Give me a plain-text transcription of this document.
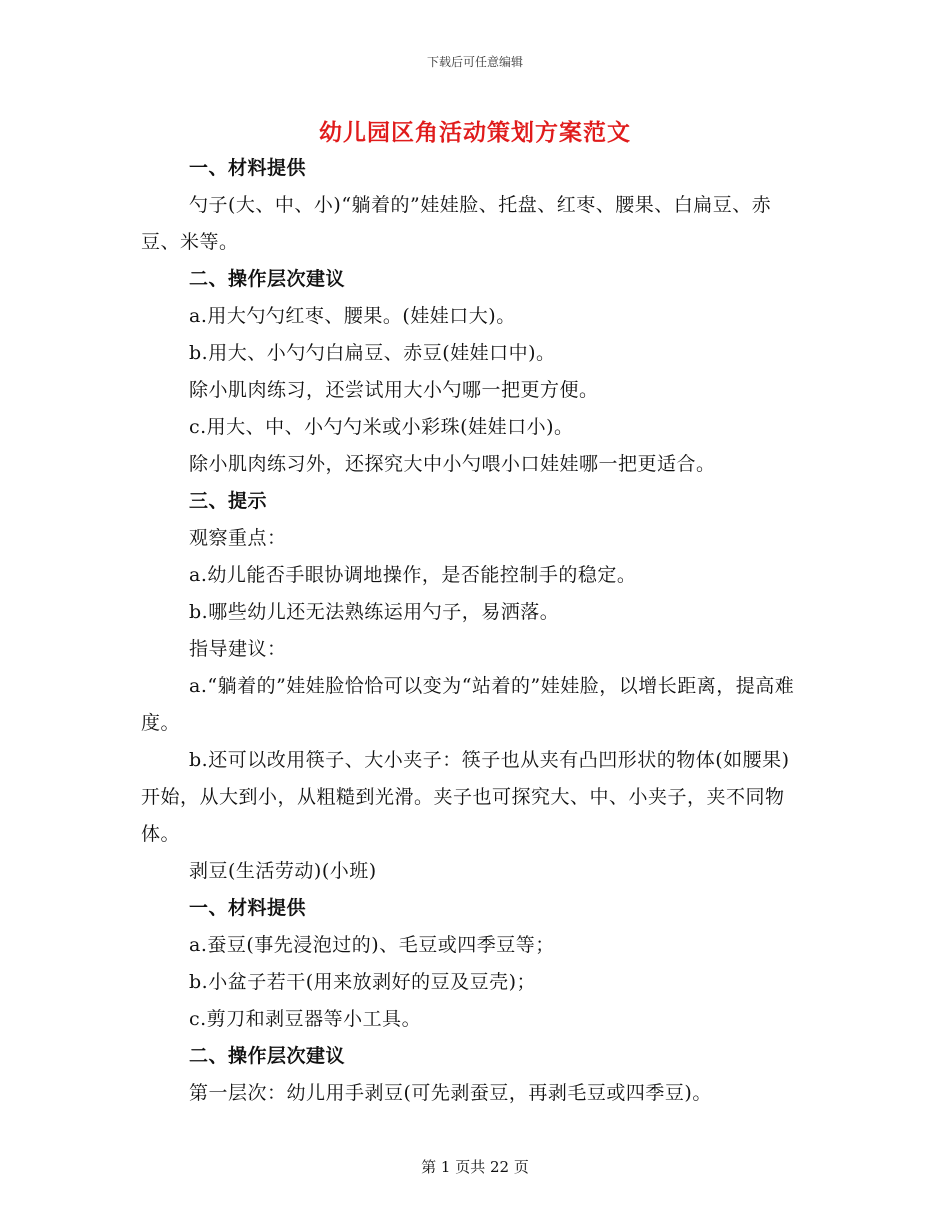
下载后可任意编辑
幼儿园区角活动策划方案范文

一、材料提供

勺子(大、中、小)“躺着的”娃娃脸、托盘、红枣、腰果、白扁豆、赤豆、米等。

二、操作层次建议

a.用大勺勺红枣、腰果。(娃娃口大)。

b.用大、小勺勺白扁豆、赤豆(娃娃口中)。

除小肌肉练习，还尝试用大小勺哪一把更方便。

c.用大、中、小勺勺米或小彩珠(娃娃口小)。

除小肌肉练习外，还探究大中小勺喂小口娃娃哪一把更适合。

三、提示

观察重点：

a.幼儿能否手眼协调地操作，是否能控制手的稳定。

b.哪些幼儿还无法熟练运用勺子，易洒落。

指导建议：

a.“躺着的”娃娃脸恰恰可以变为“站着的”娃娃脸，以增长距离，提高难度。

b.还可以改用筷子、大小夹子：筷子也从夹有凸凹形状的物体(如腰果)开始，从大到小，从粗糙到光滑。夹子也可探究大、中、小夹子，夹不同物体。

剥豆(生活劳动)(小班)

一、材料提供

a.蚕豆(事先浸泡过的)、毛豆或四季豆等；

b.小盆子若干(用来放剥好的豆及豆壳)；

c.剪刀和剥豆器等小工具。

二、操作层次建议

第一层次：幼儿用手剥豆(可先剥蚕豆，再剥毛豆或四季豆)。

第 1 页共 22 页
